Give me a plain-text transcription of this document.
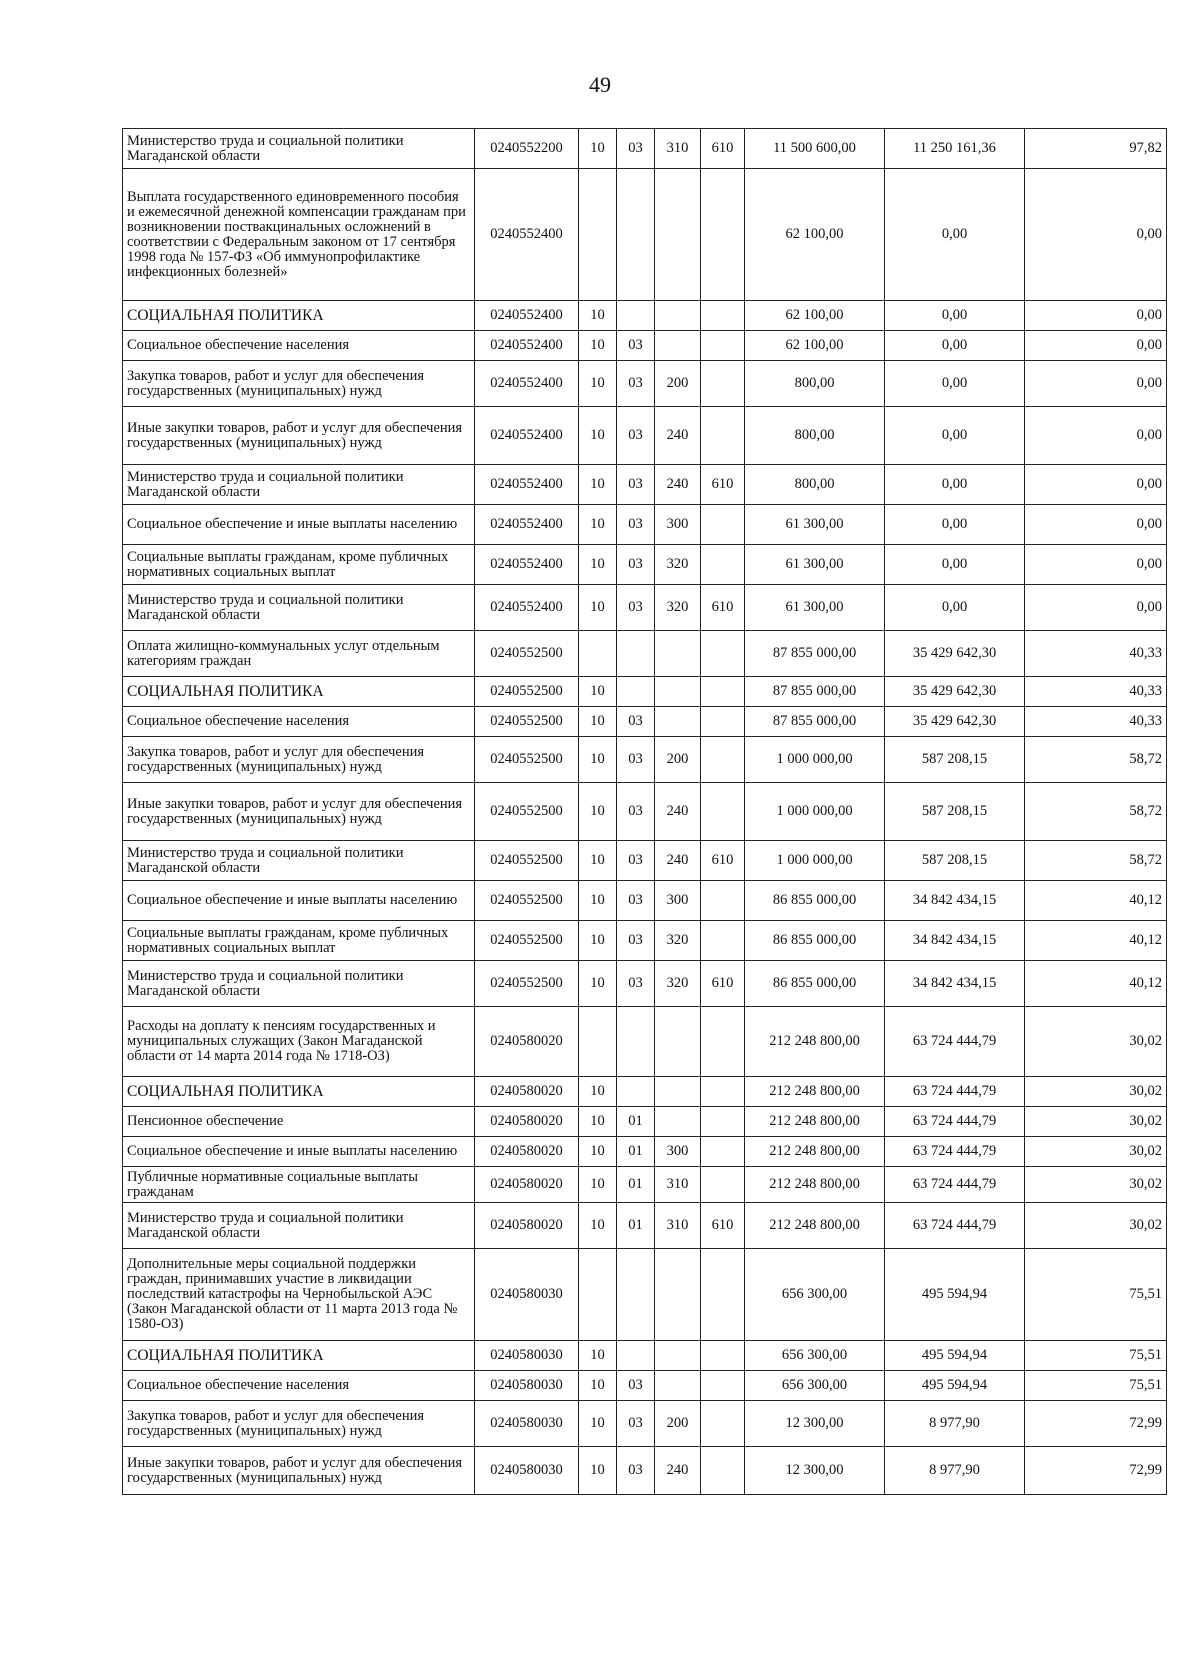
49
Министерство труда и социальной политики Магаданской области	0240552200	10	03	310	610	11 500 600,00	11 250 161,36	97,82
Выплата государственного единовременного пособия и ежемесячной денежной компенсации гражданам при возникновении поствакцинальных осложнений в соответствии с Федеральным законом от 17 сентября 1998 года № 157-ФЗ «Об иммунопрофилактике инфекционных болезней»	0240552400					62 100,00	0,00	0,00
СОЦИАЛЬНАЯ ПОЛИТИКА	0240552400	10				62 100,00	0,00	0,00
Социальное обеспечение населения	0240552400	10	03			62 100,00	0,00	0,00
Закупка товаров, работ и услуг для обеспечения государственных (муниципальных) нужд	0240552400	10	03	200		800,00	0,00	0,00
Иные закупки товаров, работ и услуг для обеспечения государственных (муниципальных) нужд	0240552400	10	03	240		800,00	0,00	0,00
Министерство труда и социальной политики Магаданской области	0240552400	10	03	240	610	800,00	0,00	0,00
Социальное обеспечение и иные выплаты населению	0240552400	10	03	300		61 300,00	0,00	0,00
Социальные выплаты гражданам, кроме публичных нормативных социальных выплат	0240552400	10	03	320		61 300,00	0,00	0,00
Министерство труда и социальной политики Магаданской области	0240552400	10	03	320	610	61 300,00	0,00	0,00
Оплата жилищно-коммунальных услуг отдельным категориям граждан	0240552500					87 855 000,00	35 429 642,30	40,33
СОЦИАЛЬНАЯ ПОЛИТИКА	0240552500	10				87 855 000,00	35 429 642,30	40,33
Социальное обеспечение населения	0240552500	10	03			87 855 000,00	35 429 642,30	40,33
Закупка товаров, работ и услуг для обеспечения государственных (муниципальных) нужд	0240552500	10	03	200		1 000 000,00	587 208,15	58,72
Иные закупки товаров, работ и услуг для обеспечения государственных (муниципальных) нужд	0240552500	10	03	240		1 000 000,00	587 208,15	58,72
Министерство труда и социальной политики Магаданской области	0240552500	10	03	240	610	1 000 000,00	587 208,15	58,72
Социальное обеспечение и иные выплаты населению	0240552500	10	03	300		86 855 000,00	34 842 434,15	40,12
Социальные выплаты гражданам, кроме публичных нормативных социальных выплат	0240552500	10	03	320		86 855 000,00	34 842 434,15	40,12
Министерство труда и социальной политики Магаданской области	0240552500	10	03	320	610	86 855 000,00	34 842 434,15	40,12
Расходы на доплату к пенсиям государственных и муниципальных служащих (Закон Магаданской области от 14 марта 2014 года № 1718-ОЗ)	0240580020					212 248 800,00	63 724 444,79	30,02
СОЦИАЛЬНАЯ ПОЛИТИКА	0240580020	10				212 248 800,00	63 724 444,79	30,02
Пенсионное обеспечение	0240580020	10	01			212 248 800,00	63 724 444,79	30,02
Социальное обеспечение и иные выплаты населению	0240580020	10	01	300		212 248 800,00	63 724 444,79	30,02
Публичные нормативные социальные выплаты гражданам	0240580020	10	01	310		212 248 800,00	63 724 444,79	30,02
Министерство труда и социальной политики Магаданской области	0240580020	10	01	310	610	212 248 800,00	63 724 444,79	30,02
Дополнительные меры социальной поддержки граждан, принимавших участие в ликвидации последствий катастрофы на Чернобыльской АЭС (Закон Магаданской области от 11 марта 2013 года № 1580-ОЗ)	0240580030					656 300,00	495 594,94	75,51
СОЦИАЛЬНАЯ ПОЛИТИКА	0240580030	10				656 300,00	495 594,94	75,51
Социальное обеспечение населения	0240580030	10	03			656 300,00	495 594,94	75,51
Закупка товаров, работ и услуг для обеспечения государственных (муниципальных) нужд	0240580030	10	03	200		12 300,00	8 977,90	72,99
Иные закупки товаров, работ и услуг для обеспечения государственных (муниципальных) нужд	0240580030	10	03	240		12 300,00	8 977,90	72,99
